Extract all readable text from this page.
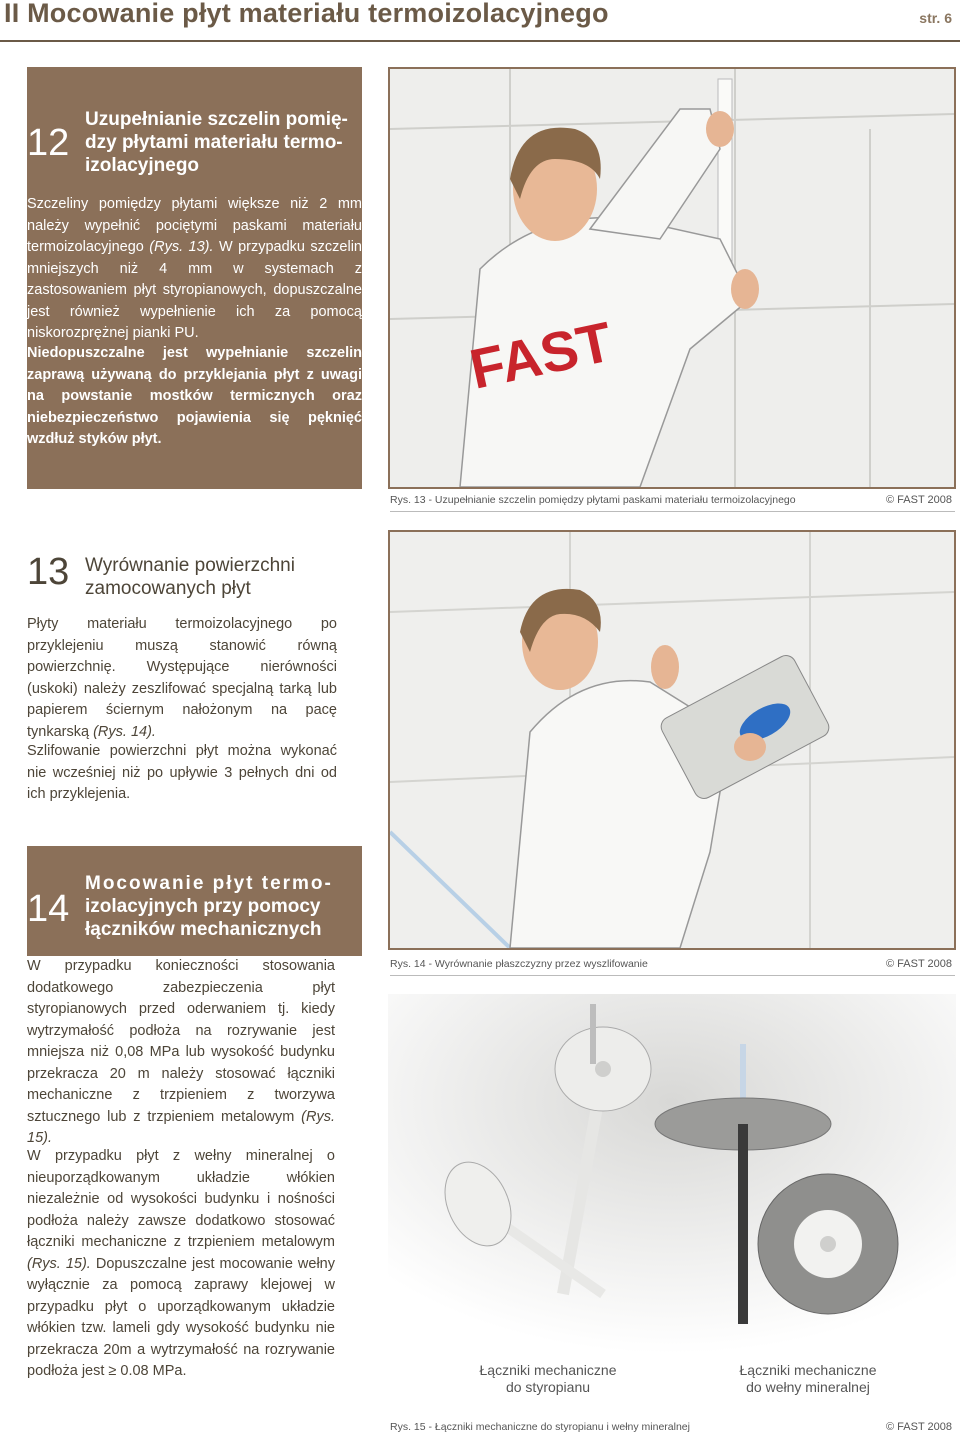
II Mocowanie płyt materiału termoizolacyjnego	str. 6
12
Uzupełnianie szczelin pomię-
dzy płytami materiału termo-
izolacyjnego
Szczeliny pomiędzy płytami większe niż 2 mm należy wypełnić pociętymi paskami materiału termoizolacyjnego (Rys. 13). W przypadku szczelin mniejszych niż 4 mm w systemach z zastosowaniem płyt styropianowych, dopuszczalne jest również wypełnienie ich za pomocą niskorozprężnej pianki PU.
Niedopuszczalne jest wypełnianie szczelin zaprawą używaną do przyklejania płyt z uwagi na powstanie mostków termicznych oraz niebezpieczeństwo pojawienia się pęknięć wzdłuż styków płyt.
13 Wyrównanie powierzchni
zamocowanych płyt
Płyty materiału termoizolacyjnego po przyklejeniu muszą stanowić równą powierzchnię. Występujące nierówności (uskoki) należy zeszlifować specjalną tarką lub papierem ściernym nałożonym na pacę tynkarską (Rys. 14).
Szlifowanie powierzchni płyt można wykonać nie wcześniej niż po upływie 3 pełnych dni od ich przyklejenia.
14
Mocowanie płyt termo-
izolacyjnych przy pomocy
łączników mechanicznych
W przypadku konieczności stosowania dodatkowego zabezpieczenia płyt styropianowych przed oderwaniem tj. kiedy wytrzymałość podłoża na rozrywanie jest mniejsza niż 0,08 MPa lub wysokość budynku przekracza 20 m należy stosować łączniki mechaniczne z trzpieniem z tworzywa sztucznego lub z trzpieniem metalowym (Rys. 15).
W przypadku płyt z wełny mineralnej o nieuporządkowanym układzie włókien niezależnie od wysokości budynku i nośności podłoża należy zawsze dodatkowo stosować łączniki mechaniczne z trzpieniem metalowym (Rys. 15). Dopuszczalne jest mocowanie wełny wyłącznie za pomocą zaprawy klejowej w przypadku płyt o uporządkowanym układzie włókien tzw. lameli gdy wysokość budynku nie przekracza 20m a wytrzymałość na rozrywanie podłoża jest ≥ 0.08 MPa.
FAST
Rys. 13 - Uzupełnianie szczelin pomiędzy płytami paskami materiału termoizolacyjnego	© FAST 2008
Rys. 14 - Wyrównanie płaszczyzny przez wyszlifowanie	© FAST 2008
Łączniki mechaniczne
do styropianu
Łączniki mechaniczne
do wełny mineralnej
Rys. 15 - Łączniki mechaniczne do styropianu i wełny mineralnej	© FAST 2008
